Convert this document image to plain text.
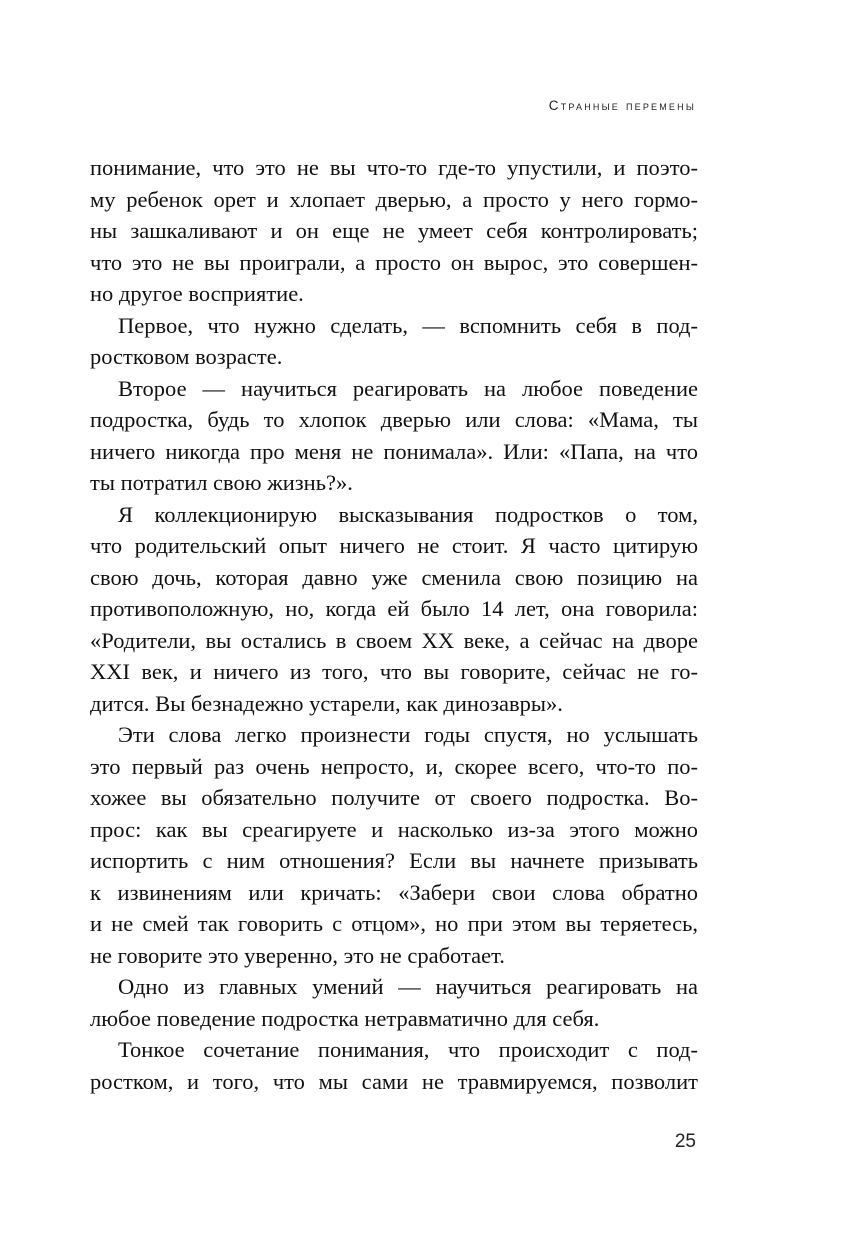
Странные перемены
понимание, что это не вы что-то где-то упустили, и поэто-
му ребенок орет и хлопает дверью, а просто у него гормо-
ны зашкаливают и он еще не умеет себя контролировать;
что это не вы проиграли, а просто он вырос, это совершен-
но другое восприятие.
Первое, что нужно сделать, — вспомнить себя в под-
ростковом возрасте.
Второе — научиться реагировать на любое поведение
подростка, будь то хлопок дверью или слова: «Мама, ты
ничего никогда про меня не понимала». Или: «Папа, на что
ты потратил свою жизнь?».
Я коллекционирую высказывания подростков о том,
что родительский опыт ничего не стоит. Я часто цитирую
свою дочь, которая давно уже сменила свою позицию на
противоположную, но, когда ей было 14 лет, она говорила:
«Родители, вы остались в своем XX веке, а сейчас на дворе
XXI век, и ничего из того, что вы говорите, сейчас не го-
дится. Вы безнадежно устарели, как динозавры».
Эти слова легко произнести годы спустя, но услышать
это первый раз очень непросто, и, скорее всего, что-то по-
хожее вы обязательно получите от своего подростка. Во-
прос: как вы среагируете и насколько из-за этого можно
испортить с ним отношения? Если вы начнете призывать
к извинениям или кричать: «Забери свои слова обратно
и не смей так говорить с отцом», но при этом вы теряетесь,
не говорите это уверенно, это не сработает.
Одно из главных умений — научиться реагировать на
любое поведение подростка нетравматично для себя.
Тонкое сочетание понимания, что происходит с под-
ростком, и того, что мы сами не травмируемся, позволит
25
